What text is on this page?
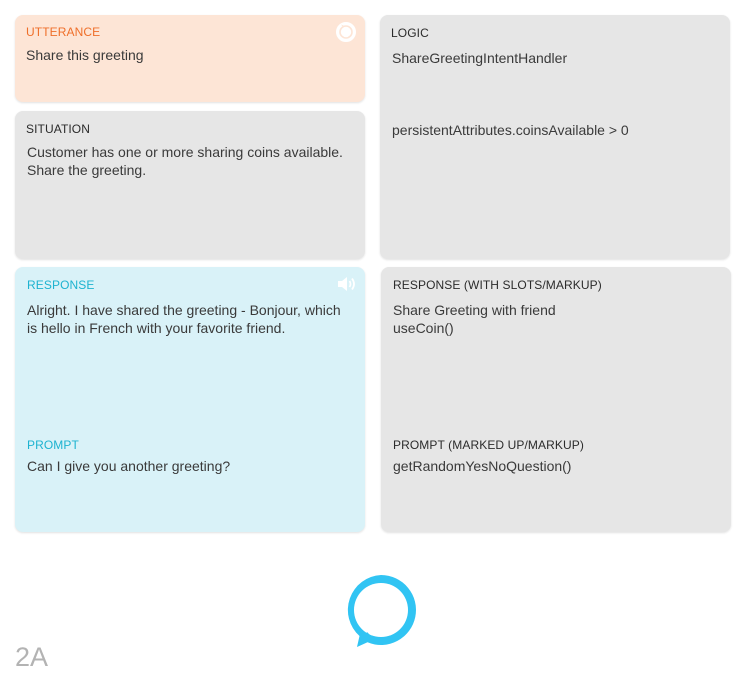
UTTERANCE
Share this greeting
SITUATION
Customer has one or more sharing coins available. Share the greeting.
LOGIC
ShareGreetingIntentHandler
persistentAttributes.coinsAvailable > 0
RESPONSE
Alright. I have shared the greeting - Bonjour, which is hello in French with your favorite friend.
PROMPT
Can I give you another greeting?
RESPONSE (WITH SLOTS/MARKUP)
Share Greeting with friend
useCoin()
PROMPT (MARKED UP/MARKUP)
getRandomYesNoQuestion()
2A
